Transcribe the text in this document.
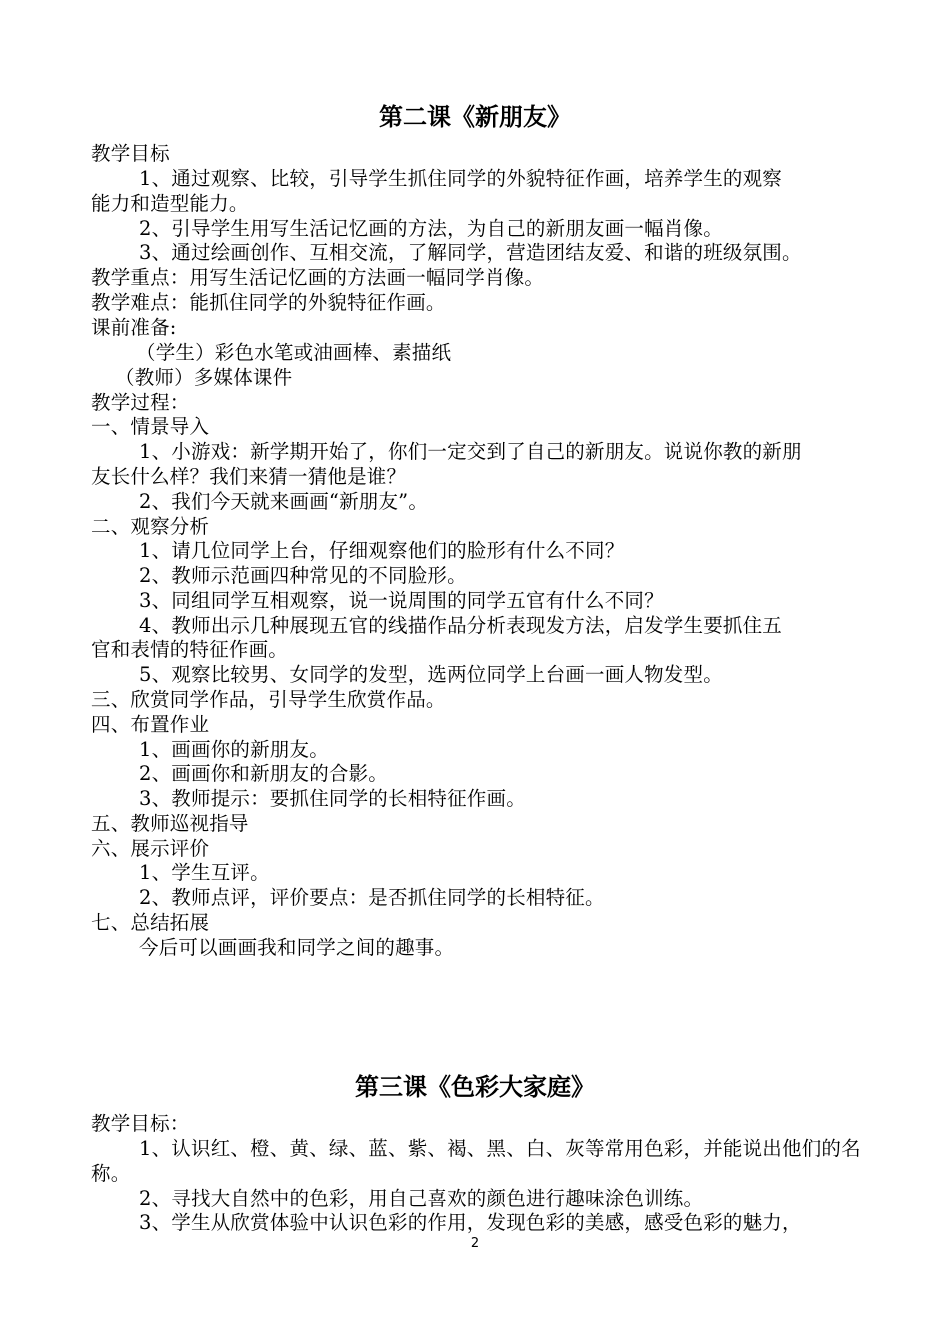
第二课《新朋友》
教学目标
1、通过观察、比较，引导学生抓住同学的外貌特征作画，培养学生的观察
能力和造型能力。
2、引导学生用写生活记忆画的方法，为自己的新朋友画一幅肖像。
3、通过绘画创作、互相交流，了解同学，营造团结友爱、和谐的班级氛围。
教学重点：用写生活记忆画的方法画一幅同学肖像。
教学难点：能抓住同学的外貌特征作画。
课前准备:
（学生）彩色水笔或油画棒、素描纸
（教师）多媒体课件
教学过程：
一、情景导入
1、小游戏：新学期开始了，你们一定交到了自己的新朋友。说说你教的新朋
友长什么样？我们来猜一猜他是谁？
2、我们今天就来画画“新朋友”。
二、观察分析
1、请几位同学上台，仔细观察他们的脸形有什么不同？
2、教师示范画四种常见的不同脸形。
3、同组同学互相观察，说一说周围的同学五官有什么不同？
4、教师出示几种展现五官的线描作品分析表现发方法，启发学生要抓住五
官和表情的特征作画。
5、观察比较男、女同学的发型，选两位同学上台画一画人物发型。
三、欣赏同学作品，引导学生欣赏作品。
四、布置作业
1、画画你的新朋友。
2、画画你和新朋友的合影。
3、教师提示：要抓住同学的长相特征作画。
五、教师巡视指导
六、展示评价
1、学生互评。
2、教师点评，评价要点：是否抓住同学的长相特征。
七、总结拓展
今后可以画画我和同学之间的趣事。
第三课《色彩大家庭》
教学目标：
1、认识红、橙、黄、绿、蓝、紫、褐、黑、白、灰等常用色彩，并能说出他们的名
称。
2、寻找大自然中的色彩，用自己喜欢的颜色进行趣味涂色训练。
3、学生从欣赏体验中认识色彩的作用，发现色彩的美感，感受色彩的魅力，
2
